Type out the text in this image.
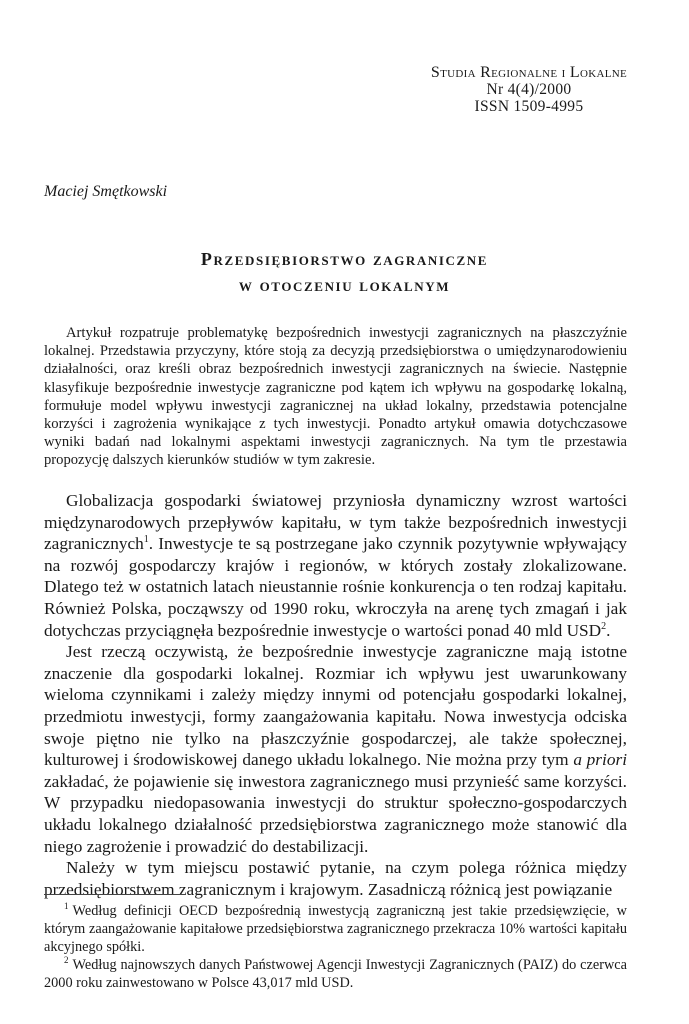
Studia Regionalne i Lokalne
Nr 4(4)/2000
ISSN 1509-4995
Maciej Smętkowski
Przedsiębiorstwo zagraniczne
w otoczeniu lokalnym

Artykuł rozpatruje problematykę bezpośrednich inwestycji zagranicznych na płaszczyźnie lokalnej. Przedstawia przyczyny, które stoją za decyzją przedsiębiorstwa o umiędzynarodowieniu działalności, oraz kreśli obraz bezpośrednich inwestycji zagranicznych na świecie. Następnie klasyfikuje bezpośrednie inwestycje zagraniczne pod kątem ich wpływu na gospodarkę lokalną, formułuje model wpływu inwestycji zagranicznej na układ lokalny, przedstawia potencjalne korzyści i zagrożenia wynikające z tych inwestycji. Ponadto artykuł omawia dotychczasowe wyniki badań nad lokalnymi aspektami inwestycji zagranicznych. Na tym tle przestawia propozycję dalszych kierunków studiów w tym zakresie.

Globalizacja gospodarki światowej przyniosła dynamiczny wzrost wartości międzynarodowych przepływów kapitału, w tym także bezpośrednich inwestycji zagranicznych$^1$. Inwestycje te są postrzegane jako czynnik pozytywnie wpływający na rozwój gospodarczy krajów i regionów, w których zostały zlokalizowane. Dlatego też w ostatnich latach nieustannie rośnie konkurencja o ten rodzaj kapitału. Również Polska, począwszy od 1990 roku, wkroczyła na arenę tych zmagań i jak dotychczas przyciągnęła bezpośrednie inwestycje o wartości ponad 40 mld USD$^2$.

Jest rzeczą oczywistą, że bezpośrednie inwestycje zagraniczne mają istotne znaczenie dla gospodarki lokalnej. Rozmiar ich wpływu jest uwarunkowany wieloma czynnikami i zależy między innymi od potencjału gospodarki lokalnej, przedmiotu inwestycji, formy zaangażowania kapitału. Nowa inwestycja odciska swoje piętno nie tylko na płaszczyźnie gospodarczej, ale także społecznej, kulturowej i środowiskowej danego układu lokalnego. Nie można przy tym a priori zakładać, że pojawienie się inwestora zagranicznego musi przynieść same korzyści. W przypadku niedopasowania inwestycji do struktur społeczno-gospodarczych układu lokalnego działalność przedsiębiorstwa zagranicznego może stanowić dla niego zagrożenie i prowadzić do destabilizacji.

Należy w tym miejscu postawić pytanie, na czym polega różnica między przedsiębiorstwem zagranicznym i krajowym. Zasadniczą różnicą jest powiązanie

$^1$ Według definicji OECD bezpośrednią inwestycją zagraniczną jest takie przedsięwzięcie, w którym zaangażowanie kapitałowe przedsiębiorstwa zagranicznego przekracza 10% wartości kapitału akcyjnego spółki.

$^2$ Według najnowszych danych Państwowej Agencji Inwestycji Zagranicznych (PAIZ) do czerwca 2000 roku zainwestowano w Polsce 43,017 mld USD.
